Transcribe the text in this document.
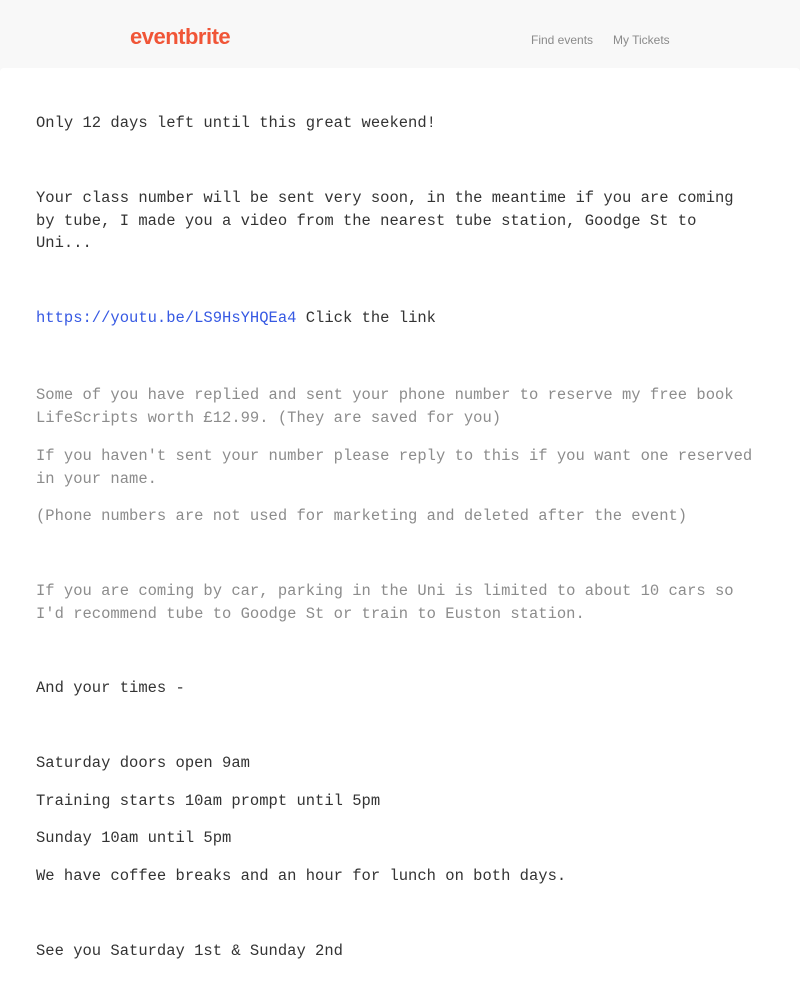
eventbrite	Find events My Tickets

Only 12 days left until this great weekend!

Your class number will be sent very soon, in the meantime if you are coming by tube, I made you a video from the nearest tube station, Goodge St to Uni...

https://youtu.be/LS9HsYHQEa4 Click the link

Some of you have replied and sent your phone number to reserve my free book LifeScripts worth £12.99. (They are saved for you)

If you haven't sent your number please reply to this if you want one reserved in your name.

(Phone numbers are not used for marketing and deleted after the event)

If you are coming by car, parking in the Uni is limited to about 10 cars so I'd recommend tube to Goodge St or train to Euston station.

And your times -

Saturday doors open 9am

Training starts 10am prompt until 5pm

Sunday 10am until 5pm

We have coffee breaks and an hour for lunch on both days.

See you Saturday 1st & Sunday 2nd
